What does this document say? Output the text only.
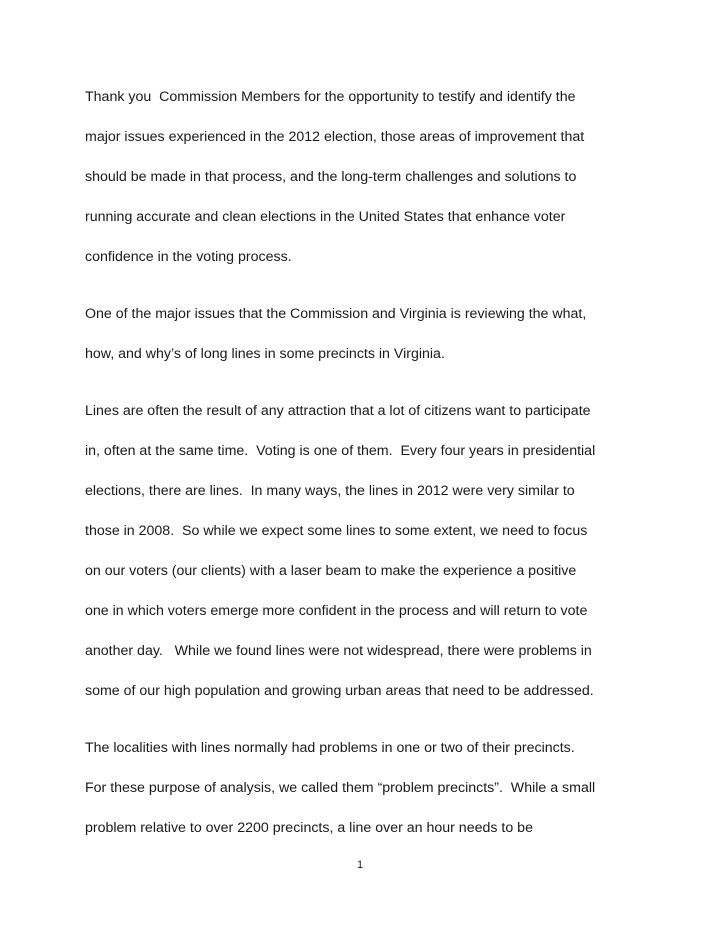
Thank you  Commission Members for the opportunity to testify and identify the
major issues experienced in the 2012 election, those areas of improvement that
should be made in that process, and the long-term challenges and solutions to
running accurate and clean elections in the United States that enhance voter
confidence in the voting process.
One of the major issues that the Commission and Virginia is reviewing the what,
how, and why’s of long lines in some precincts in Virginia.
Lines are often the result of any attraction that a lot of citizens want to participate
in, often at the same time.  Voting is one of them.  Every four years in presidential
elections, there are lines.  In many ways, the lines in 2012 were very similar to
those in 2008.  So while we expect some lines to some extent, we need to focus
on our voters (our clients) with a laser beam to make the experience a positive
one in which voters emerge more confident in the process and will return to vote
another day.   While we found lines were not widespread, there were problems in
some of our high population and growing urban areas that need to be addressed.
The localities with lines normally had problems in one or two of their precincts.
For these purpose of analysis, we called them “problem precincts”.  While a small
problem relative to over 2200 precincts, a line over an hour needs to be
1
